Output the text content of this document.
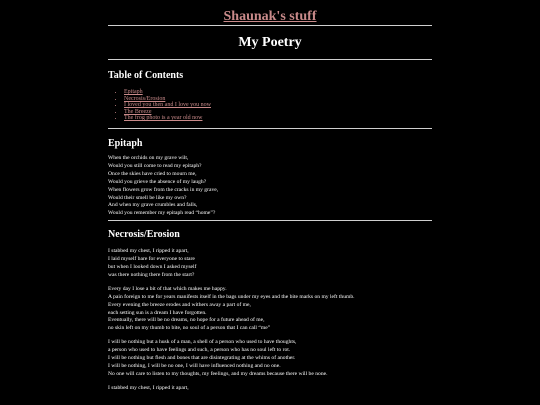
Shaunak's stuff
My Poetry
Table of Contents
• Epitaph
• Necrosis/Erosion
• I loved you then and I love you now
• The Breeze
• The frog photo is a year old now
Epitaph
When the orchids on my grave wilt,
Would you still come to read my epitaph?
Once the skies have cried to mourn me,
Would you grieve the absence of my laugh?
When flowers grow from the cracks in my grave,
Would their smell be like my own?
And when my grave crumbles and falls,
Would you remember my epitaph read “home”?
Necrosis/Erosion
I stabbed my chest, I ripped it apart,
I laid myself bare for everyone to stare
but when I looked down I asked myself
was there nothing there from the start?
Every day I lose a bit of that which makes me happy.
A pain foreign to me for years manifests itself in the bags under my eyes and the bite marks on my left thumb.
Every evening the breeze erodes and withers away a part of me,
each setting sun is a dream I have forgotten.
Eventually, there will be no dreams, no hope for a future ahead of me,
no skin left on my thumb to bite, no soul of a person that I can call “me”
I will be nothing but a husk of a man, a shell of a person who used to have thoughts,
a person who used to have feelings and such, a person who has no soul left to rot.
I will be nothing but flesh and bones that are disintegrating at the whims of another.
I will be nothing, I will be no one, I will have influenced nothing and no one.
No one will care to listen to my thoughts, my feelings, and my dreams because there will be none.
I stabbed my chest, I ripped it apart,
